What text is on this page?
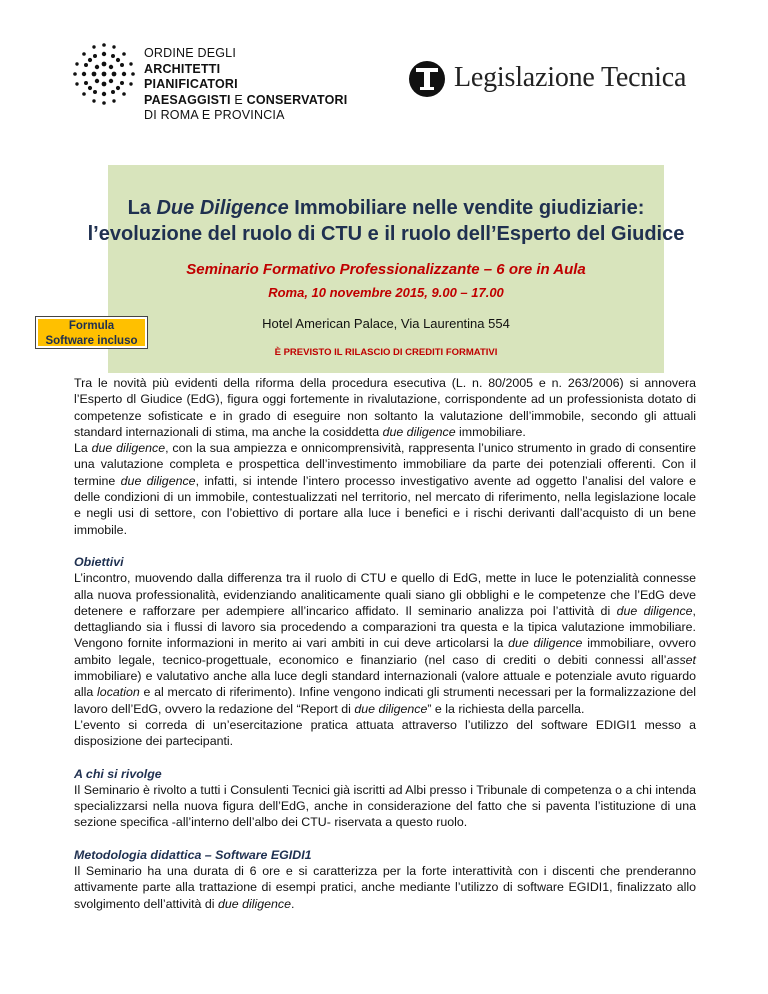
ORDINE DEGLI
ARCHITETTI
PIANIFICATORI
PAESAGGISTI E CONSERVATORI
DI ROMA E PROVINCIA
Legislazione Tecnica
La Due Diligence Immobiliare nelle vendite giudiziarie:
l’evoluzione del ruolo di CTU e il ruolo dell’Esperto del Giudice
Seminario Formativo Professionalizzante – 6 ore in Aula
Roma, 10 novembre 2015, 9.00 – 17.00
Hotel American Palace, Via Laurentina 554
È PREVISTO IL RILASCIO DI CREDITI FORMATIVI
Formula
Software incluso

Tra le novità più evidenti della riforma della procedura esecutiva (L. n. 80/2005 e n. 263/2006) si annovera l’Esperto dl Giudice (EdG), figura oggi fortemente in rivalutazione, corrispondente ad un professionista dotato di competenze sofisticate e in grado di eseguire non soltanto la valutazione dell’immobile, secondo gli attuali standard internazionali di stima, ma anche la cosiddetta due diligence immobiliare.

La due diligence, con la sua ampiezza e onnicomprensività, rappresenta l’unico strumento in grado di consentire una valutazione completa e prospettica dell’investimento immobiliare da parte dei potenziali offerenti. Con il termine due diligence, infatti, si intende l’intero processo investigativo avente ad oggetto l’analisi del valore e delle condizioni di un immobile, contestualizzati nel territorio, nel mercato di riferimento, nella legislazione locale e negli usi di settore, con l’obiettivo di portare alla luce i benefici e i rischi derivanti dall’acquisto di un bene immobile.

Obiettivi

L’incontro, muovendo dalla differenza tra il ruolo di CTU e quello di EdG, mette in luce le potenzialità connesse alla nuova professionalità, evidenziando analiticamente quali siano gli obblighi e le competenze che l’EdG deve detenere e rafforzare per adempiere all’incarico affidato. Il seminario analizza poi l’attività di due diligence, dettagliando sia i flussi di lavoro sia procedendo a comparazioni tra questa e la tipica valutazione immobiliare. Vengono fornite informazioni in merito ai vari ambiti in cui deve articolarsi la due diligence immobiliare, ovvero ambito legale, tecnico-progettuale, economico e finanziario (nel caso di crediti o debiti connessi all’asset immobiliare) e valutativo anche alla luce degli standard internazionali (valore attuale e potenziale avuto riguardo alla location e al mercato di riferimento). Infine vengono indicati gli strumenti necessari per la formalizzazione del lavoro dell’EdG, ovvero la redazione del “Report di due diligence” e la richiesta della parcella.

L’evento si correda di un’esercitazione pratica attuata attraverso l’utilizzo del software EDIGI1 messo a disposizione dei partecipanti.

A chi si rivolge

Il Seminario è rivolto a tutti i Consulenti Tecnici già iscritti ad Albi presso i Tribunale di competenza o a chi intenda specializzarsi nella nuova figura dell’EdG, anche in considerazione del fatto che si paventa l’istituzione di una sezione specifica -all’interno dell’albo dei CTU- riservata a questo ruolo.

Metodologia didattica – Software EGIDI1

Il Seminario ha una durata di 6 ore e si caratterizza per la forte interattività con i discenti che prenderanno attivamente parte alla trattazione di esempi pratici, anche mediante l’utilizzo di software EGIDI1, finalizzato allo svolgimento dell’attività di due diligence.
